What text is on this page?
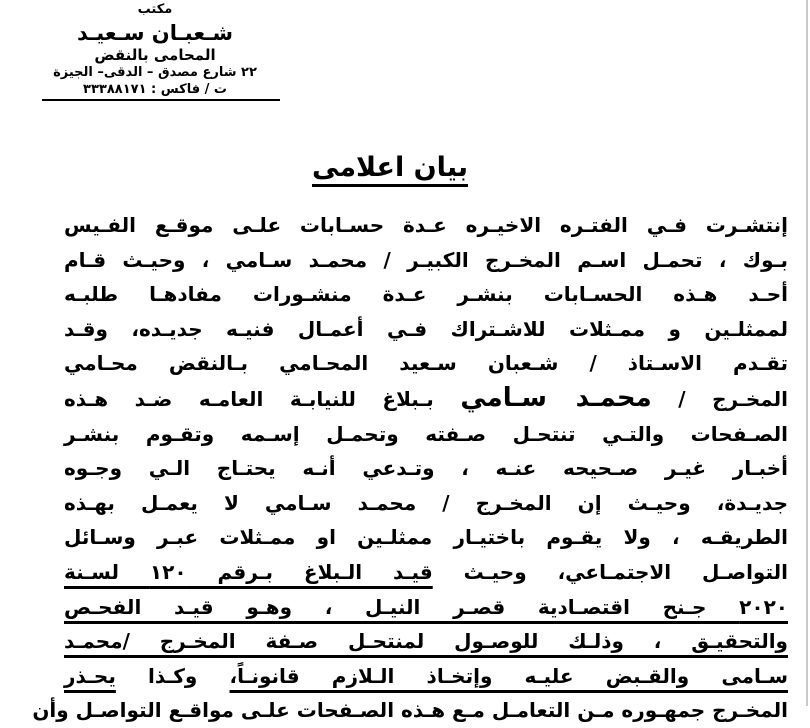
مكتب
شـعبـان سـعيـد
المحامى بالنقض
٢٢ شارع مصدق – الدقى– الجيزة
ت / فاكس : ٣٣٣٨٨١٧١
بيان اعلامى
إنتشـرت فـي الفتـره الاخيـره عـدة حسـابات علـى موقـع الفـيس
بـوك ، تحمـل اسـم المخـرج الكبيـر / محمـد سـامي ، وحيـث قـام
أحـد هـذه الحسـابات بنشـر عـدة منشـورات مفادهـا طلبـه
لممثلـين و ممـثلات للاشـتراك فـي أعمـال فنيـه جديـده، وقـد
تقـدم الاسـتاذ / شـعبان سـعيد المحـامي بـالنقض محـامي
المخـرج / محمـد سـامي بـبلاغ للنيابـة العامـه ضـد هـذه
الصـفحات والتـي تنتحـل صـفته وتحمـل إسـمه وتقـوم بنشـر
أخبـار غيـر صـحيحه عنـه ، وتـدعي أنـه يحتـاج الـي وجـوه
جديـدة، وحيـث إن المخـرج / محمـد سـامي لا يعمـل بهـذه
الطريقـه ، ولا يقـوم باختيـار ممثلـين او ممـثلات عبـر وسـائل
التواصـل الاجتمـاعي، وحيـث قيـد الـبلاغ بـرقم ١٢٠ لسـنة
٢٠٢٠ جـنح اقتصـادية قصـر النيـل ، وهـو قيـد الفحـص
والتحقيـق ، وذلـك للوصـول لمنتحـل صـفة المخـرج /محمـد
سـامى والقـبض عليـه وإتخـاذ الـلازم قانونـاً، وكـذا يحـذر
المخـرج جمهـوره مـن التعامـل مـع هـذه الصـفحات علـى مواقـع التواصـل وأن
